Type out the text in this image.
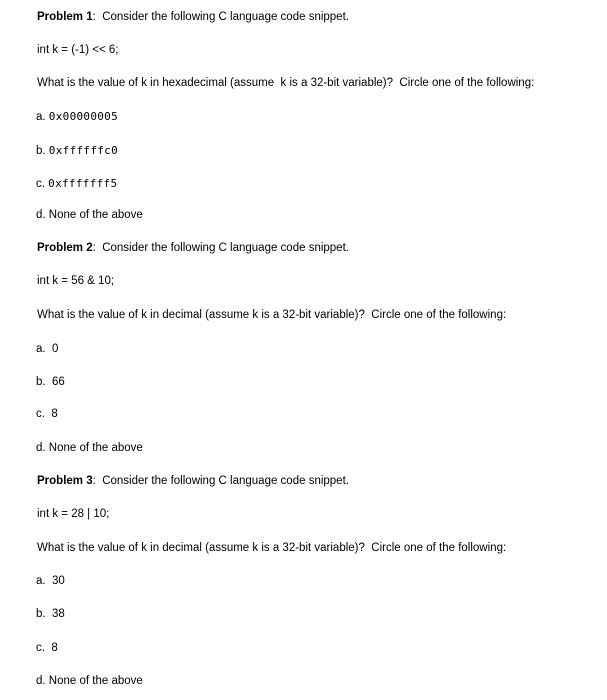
Problem 1:  Consider the following C language code snippet.
int k = (-1) << 6;
What is the value of k in hexadecimal (assume  k is a 32-bit variable)?  Circle one of the following:
a. 0x00000005
b. 0xffffffc0
c. 0xfffffff5
d. None of the above
Problem 2:  Consider the following C language code snippet.
int k = 56 & 10;
What is the value of k in decimal (assume k is a 32-bit variable)?  Circle one of the following:
a. 0
b. 66
c. 8
d. None of the above
Problem 3:  Consider the following C language code snippet.
int k = 28 | 10;
What is the value of k in decimal (assume k is a 32-bit variable)?  Circle one of the following:
a. 30
b. 38
c. 8
d. None of the above
